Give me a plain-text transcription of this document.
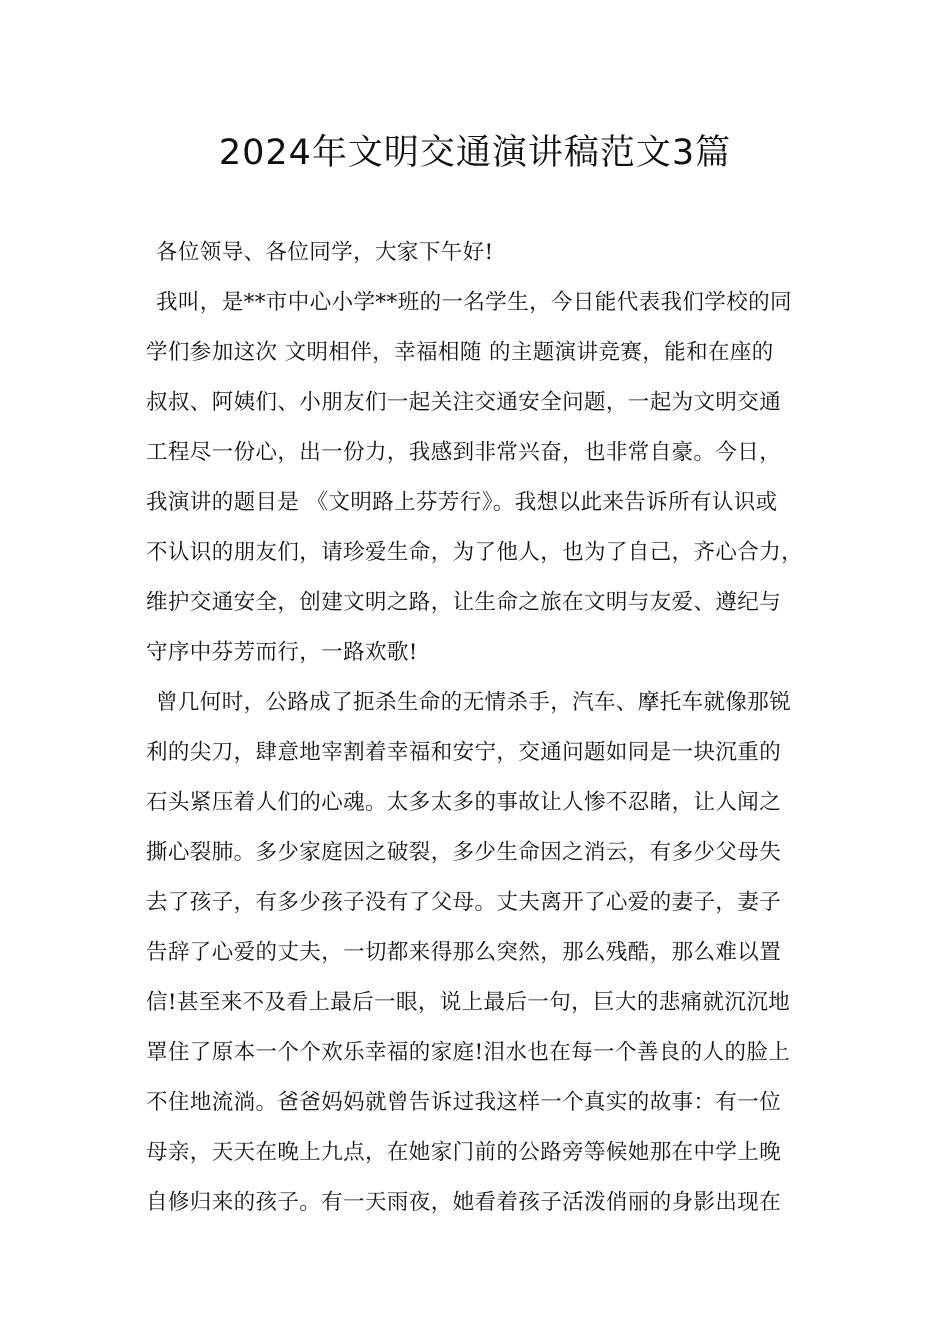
2024年文明交通演讲稿范文3篇
各位领导、各位同学，大家下午好!
我叫，是**市中心小学**班的一名学生，今日能代表我们学校的同
学们参加这次 文明相伴，幸福相随 的主题演讲竞赛，能和在座的
叔叔、阿姨们、小朋友们一起关注交通安全问题，一起为文明交通
工程尽一份心，出一份力，我感到非常兴奋，也非常自豪。今日，
我演讲的题目是 《文明路上芬芳行》。我想以此来告诉所有认识或
不认识的朋友们，请珍爱生命，为了他人，也为了自己，齐心合力，
维护交通安全，创建文明之路，让生命之旅在文明与友爱、遵纪与
守序中芬芳而行，一路欢歌!
曾几何时，公路成了扼杀生命的无情杀手，汽车、摩托车就像那锐
利的尖刀，肆意地宰割着幸福和安宁，交通问题如同是一块沉重的
石头紧压着人们的心魂。太多太多的事故让人惨不忍睹，让人闻之
撕心裂肺。多少家庭因之破裂，多少生命因之消云，有多少父母失
去了孩子，有多少孩子没有了父母。丈夫离开了心爱的妻子，妻子
告辞了心爱的丈夫，一切都来得那么突然，那么残酷，那么难以置
信!甚至来不及看上最后一眼，说上最后一句，巨大的悲痛就沉沉地
罩住了原本一个个欢乐幸福的家庭!泪水也在每一个善良的人的脸上
不住地流淌。爸爸妈妈就曾告诉过我这样一个真实的故事：有一位
母亲，天天在晚上九点，在她家门前的公路旁等候她那在中学上晚
自修归来的孩子。有一天雨夜，她看着孩子活泼俏丽的身影出现在
